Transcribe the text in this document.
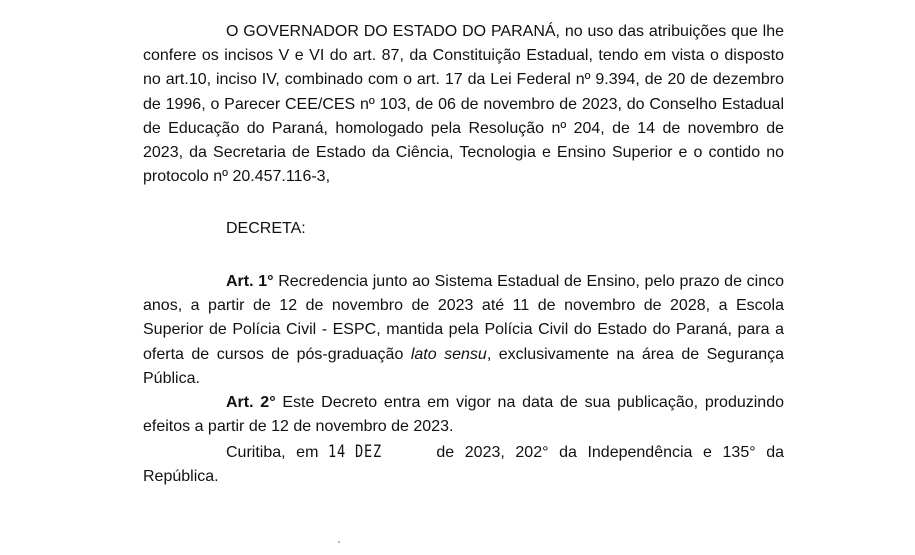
O GOVERNADOR DO ESTADO DO PARANÁ, no uso das atribuições que lhe confere os incisos V e VI do art. 87, da Constituição Estadual, tendo em vista o disposto no art.10, inciso IV, combinado com o art. 17 da Lei Federal nº 9.394, de 20 de dezembro de 1996, o Parecer CEE/CES nº 103, de 06 de novembro de 2023, do Conselho Estadual de Educação do Paraná, homologado pela Resolução nº 204, de 14 de novembro de 2023, da Secretaria de Estado da Ciência, Tecnologia e Ensino Superior e o contido no protocolo nº 20.457.116-3,

DECRETA:

Art. 1° Recredencia junto ao Sistema Estadual de Ensino, pelo prazo de cinco anos, a partir de 12 de novembro de 2023 até 11 de novembro de 2028, a Escola Superior de Polícia Civil - ESPC, mantida pela Polícia Civil do Estado do Paraná, para a oferta de cursos de pós-graduação lato sensu, exclusivamente na área de Segurança Pública.

Art. 2° Este Decreto entra em vigor na data de sua publicação, produzindo efeitos a partir de 12 de novembro de 2023.

Curitiba, em 14 DEZ	de 2023, 202° da Independência e 135° da República.
